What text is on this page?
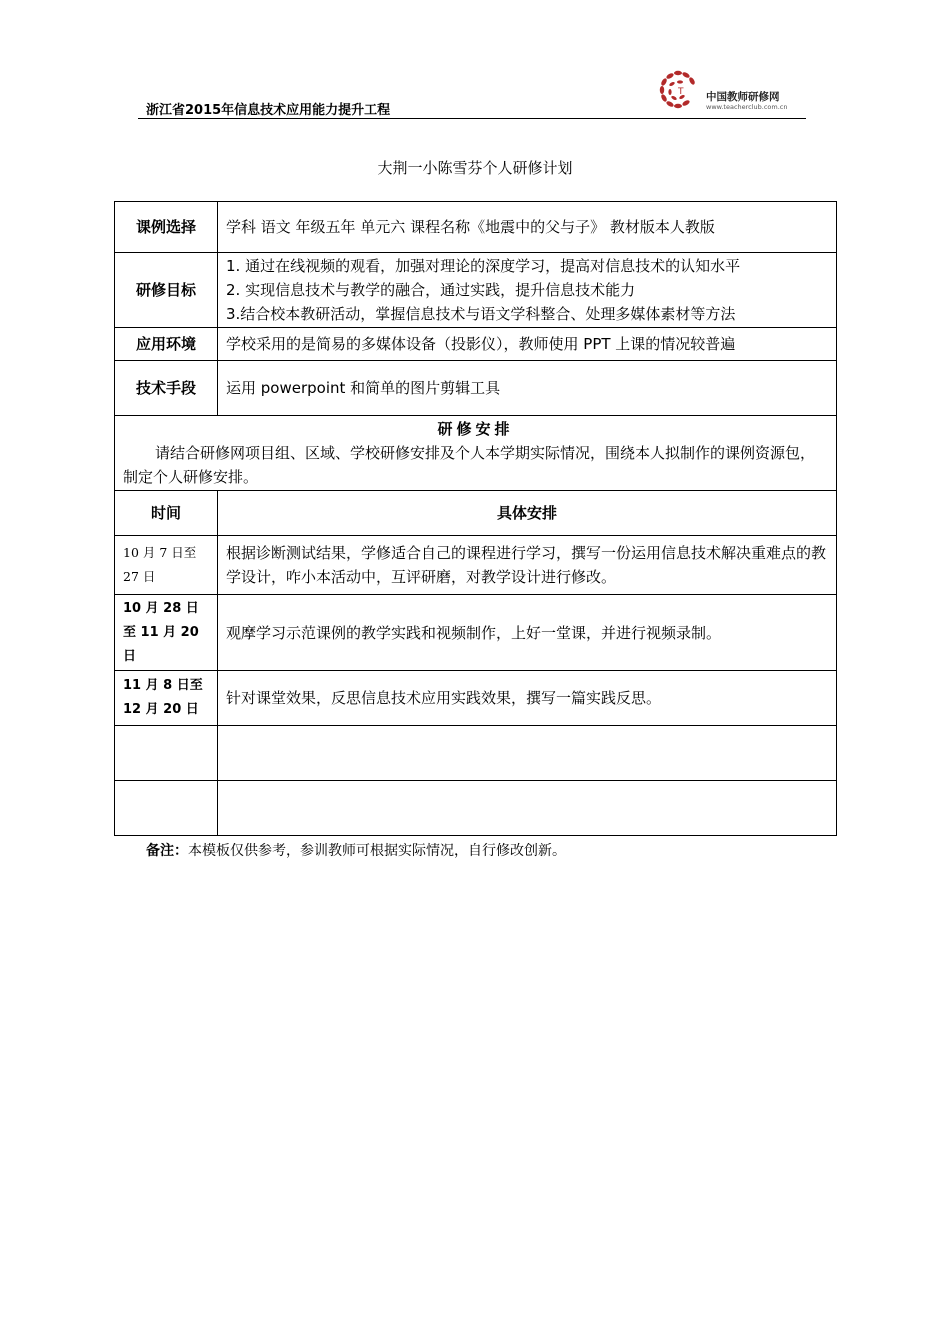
浙江省2015年信息技术应用能力提升工程
T 中国教师研修网
www.teacherclub.com.cn
大荆一小陈雪芬个人研修计划
课例选择	学科 语文 年级五年 单元六 课程名称《地震中的父与子》 教材版本人教版
研修目标	1. 通过在线视频的观看，加强对理论的深度学习，提高对信息技术的认知水平
2. 实现信息技术与教学的融合，通过实践，提升信息技术能力
3.结合校本教研活动，掌握信息技术与语文学科整合、处理多媒体素材等方法

应用环境	学校采用的是简易的多媒体设备（投影仪），教师使用 PPT 上课的情况较普遍
技术手段	运用 powerpoint 和简单的图片剪辑工具

研修安排
请结合研修网项目组、区域、学校研修安排及个人本学期实际情况，围绕本人拟制作的课例资源包，制定个人研修安排。	

时间	具体安排

10 月 7 日至
27 日	根据诊断测试结果，学修适合自己的课程进行学习，撰写一份运用信息技术解决重难点的教学设计，咋小本活动中，互评研磨，对教学设计进行修改。

10 月 28 日
至 11 月 20
日	观摩学习示范课例的教学实践和视频制作，上好一堂课，并进行视频录制。

11 月 8 日至
12 月 20 日	针对课堂效果，反思信息技术应用实践效果，撰写一篇实践反思。

备注：本模板仅供参考，参训教师可根据实际情况，自行修改创新。
